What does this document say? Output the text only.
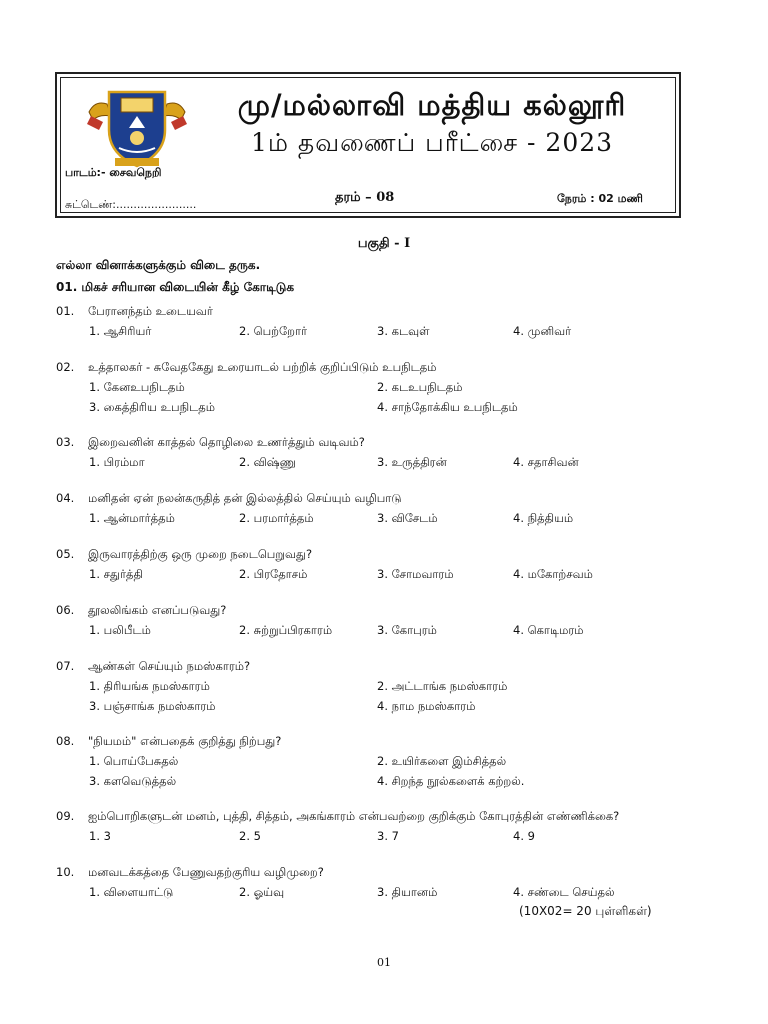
மு/மல்லாவி மத்திய கல்லூரி
1ம் தவணைப் பரீட்சை - 2023
பாடம்:- சைவநெறி
சுட்டெண்:.......................	தரம் – 08	நேரம் : 02 மணி
பகுதி - I
எல்லா வினாக்களுக்கும் விடை தருக.
01. மிகச் சரியான விடையின் கீழ் கோடிடுக
01. பேரானந்தம் உடையவர்
1. ஆசிரியர்	2. பெற்றோர்	3. கடவுள்	4. முனிவர்
02. உத்தாலகர் - சுவேதகேது உரையாடல் பற்றிக் குறிப்பிடும் உபநிடதம்
1. கேனஉபநிடதம்	2. கடஉபநிடதம்
3. கைத்திரிய உபநிடதம்	4. சாந்தோக்கிய உபநிடதம்
03. இறைவனின் காத்தல் தொழிலை உணர்த்தும் வடிவம்?
1. பிரம்மா	2. விஷ்ணு	3. உருத்திரன்	4. சதாசிவன்
04. மனிதன் ஏன் நலன்கருதித் தன் இல்லத்தில் செய்யும் வழிபாடு
1. ஆன்மார்த்தம்	2. பரமார்த்தம்	3. விசேடம்	4. நித்தியம்
05. இருவாரத்திற்கு ஒரு முறை நடைபெறுவது?
1. சதுர்த்தி	2. பிரதோசம்	3. சோமவாரம்	4. மகோற்சவம்
06. தூலலிங்கம் எனப்படுவது?
1. பலிபீடம்	2. சுற்றுப்பிரகாரம்	3. கோபுரம்	4. கொடிமரம்
07. ஆண்கள் செய்யும் நமஸ்காரம்?
1. திரியங்க நமஸ்காரம்	2. அட்டாங்க நமஸ்காரம்
3. பஞ்சாங்க நமஸ்காரம்	4. நாம நமஸ்காரம்
08. "நியமம்" என்பதைக் குறித்து நிற்பது?
1. பொய்பேசுதல்	2. உயிர்களை இம்சித்தல்
3. களவெடுத்தல்	4. சிறந்த நூல்களைக் கற்றல்.
09. ஐம்பொறிகளுடன் மனம், புத்தி, சித்தம், அகங்காரம் என்பவற்றை குறிக்கும் கோபுரத்தின் எண்ணிக்கை?
1. 3	2. 5	3. 7	4. 9
10. மனவடக்கத்தை பேணுவதற்குரிய வழிமுறை?
1. விளையாட்டு	2. ஓய்வு	3. தியானம்	4. சண்டை செய்தல்
(10X02= 20 புள்ளிகள்)
01
